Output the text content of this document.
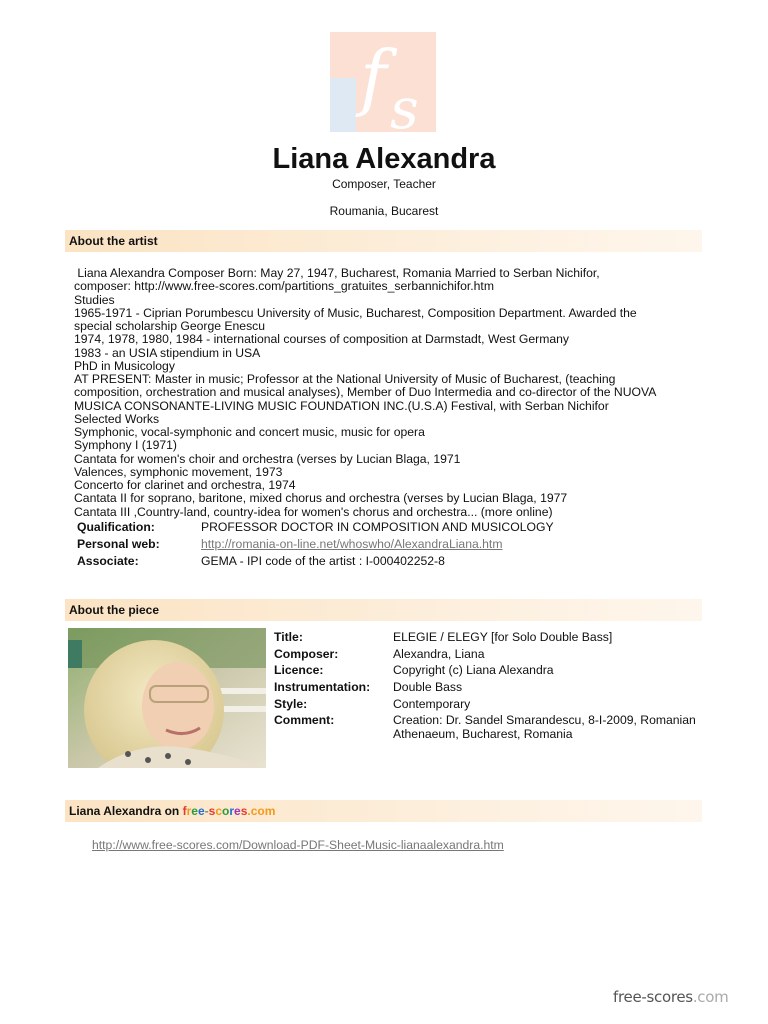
f s
Liana Alexandra
Composer, Teacher
Roumania, Bucarest
About the artist
Liana Alexandra Composer Born: May 27, 1947, Bucharest, Romania Married to Serban Nichifor,
composer: http://www.free-scores.com/partitions_gratuites_serbannichifor.htm
Studies
1965-1971 - Ciprian Porumbescu University of Music, Bucharest, Composition Department. Awarded the
special scholarship George Enescu
1974, 1978, 1980, 1984 - international courses of composition at Darmstadt, West Germany
1983 - an USIA stipendium in USA
PhD in Musicology
AT PRESENT: Master in music; Professor at the National University of Music of Bucharest, (teaching
composition, orchestration and musical analyses), Member of Duo Intermedia and co-director of the NUOVA
MUSICA CONSONANTE-LIVING MUSIC FOUNDATION INC.(U.S.A) Festival, with Serban Nichifor
Selected Works
Symphonic, vocal-symphonic and concert music, music for opera
Symphony I (1971)
Cantata for women's choir and orchestra (verses by Lucian Blaga, 1971
Valences, symphonic movement, 1973
Concerto for clarinet and orchestra, 1974
Cantata II for soprano, baritone, mixed chorus and orchestra (verses by Lucian Blaga, 1977
Cantata III ,Country-land, country-idea for women's chorus and orchestra... (more online)
Qualification:	PROFESSOR DOCTOR IN COMPOSITION AND MUSICOLOGY
Personal web:	http://romania-on-line.net/whoswho/AlexandraLiana.htm
Associate:	GEMA - IPI code of the artist : I-000402252-8
About the piece
Title:	ELEGIE / ELEGY [for Solo Double Bass]
Composer:	Alexandra, Liana
Licence:	Copyright (c) Liana Alexandra
Instrumentation: Double Bass
Style:	Contemporary
Comment:	Creation: Dr. Sandel Smarandescu, 8-I-2009, Romanian
Athenaeum, Bucharest, Romania
Liana Alexandra on free-scores.com
http://www.free-scores.com/Download-PDF-Sheet-Music-lianaalexandra.htm
free-scores.com
